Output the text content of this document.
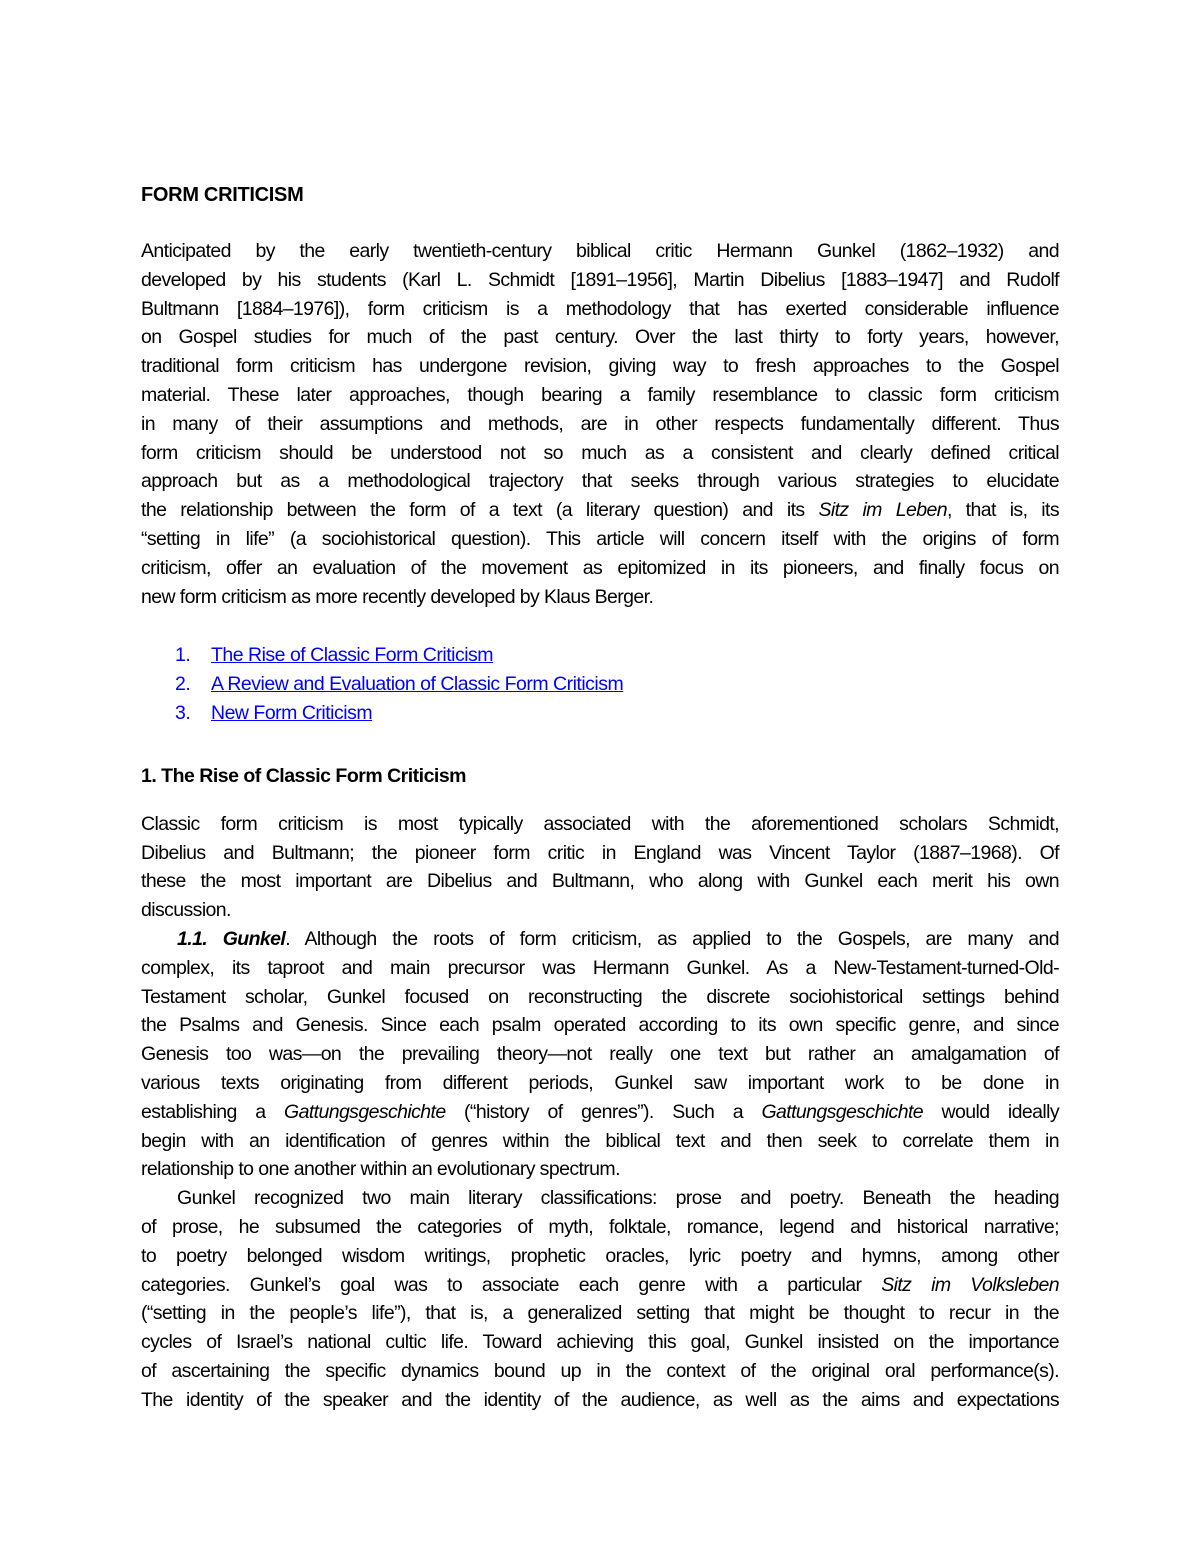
FORM CRITICISM

Anticipated by the early twentieth-century biblical critic Hermann Gunkel (1862–1932) and
developed by his students (Karl L. Schmidt [1891–1956], Martin Dibelius [1883–1947] and Rudolf
Bultmann [1884–1976]), form criticism is a methodology that has exerted considerable influence
on Gospel studies for much of the past century. Over the last thirty to forty years, however,
traditional form criticism has undergone revision, giving way to fresh approaches to the Gospel
material. These later approaches, though bearing a family resemblance to classic form criticism
in many of their assumptions and methods, are in other respects fundamentally different. Thus
form criticism should be understood not so much as a consistent and clearly defined critical
approach but as a methodological trajectory that seeks through various strategies to elucidate
the relationship between the form of a text (a literary question) and its Sitz im Leben, that is, its
“setting in life” (a sociohistorical question). This article will concern itself with the origins of form
criticism, offer an evaluation of the movement as epitomized in its pioneers, and finally focus on
new form criticism as more recently developed by Klaus Berger.

1. The Rise of Classic Form Criticism
2. A Review and Evaluation of Classic Form Criticism
3. New Form Criticism
1. The Rise of Classic Form Criticism

Classic form criticism is most typically associated with the aforementioned scholars Schmidt,
Dibelius and Bultmann; the pioneer form critic in England was Vincent Taylor (1887–1968). Of
these the most important are Dibelius and Bultmann, who along with Gunkel each merit his own
discussion.

1.1. Gunkel. Although the roots of form criticism, as applied to the Gospels, are many and
complex, its taproot and main precursor was Hermann Gunkel. As a New-Testament-turned-Old-
Testament scholar, Gunkel focused on reconstructing the discrete sociohistorical settings behind
the Psalms and Genesis. Since each psalm operated according to its own specific genre, and since
Genesis too was—on the prevailing theory—not really one text but rather an amalgamation of
various texts originating from different periods, Gunkel saw important work to be done in
establishing a Gattungsgeschichte (“history of genres”). Such a Gattungsgeschichte would ideally
begin with an identification of genres within the biblical text and then seek to correlate them in
relationship to one another within an evolutionary spectrum.

Gunkel recognized two main literary classifications: prose and poetry. Beneath the heading
of prose, he subsumed the categories of myth, folktale, romance, legend and historical narrative;
to poetry belonged wisdom writings, prophetic oracles, lyric poetry and hymns, among other
categories. Gunkel’s goal was to associate each genre with a particular Sitz im Volksleben
(“setting in the people’s life”), that is, a generalized setting that might be thought to recur in the
cycles of Israel’s national cultic life. Toward achieving this goal, Gunkel insisted on the importance
of ascertaining the specific dynamics bound up in the context of the original oral performance(s).
The identity of the speaker and the identity of the audience, as well as the aims and expectations
